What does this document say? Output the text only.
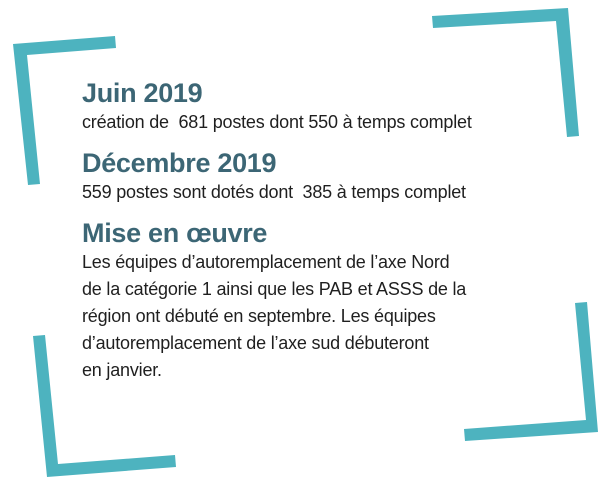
Juin 2019
création de  681 postes dont 550 à temps complet
Décembre 2019
559 postes sont dotés dont  385 à temps complet
Mise en œuvre
Les équipes d’autoremplacement de l’axe Nord
de la catégorie 1 ainsi que les PAB et ASSS de la
région ont débuté en septembre. Les équipes
d’autoremplacement de l’axe sud débuteront
en janvier.
